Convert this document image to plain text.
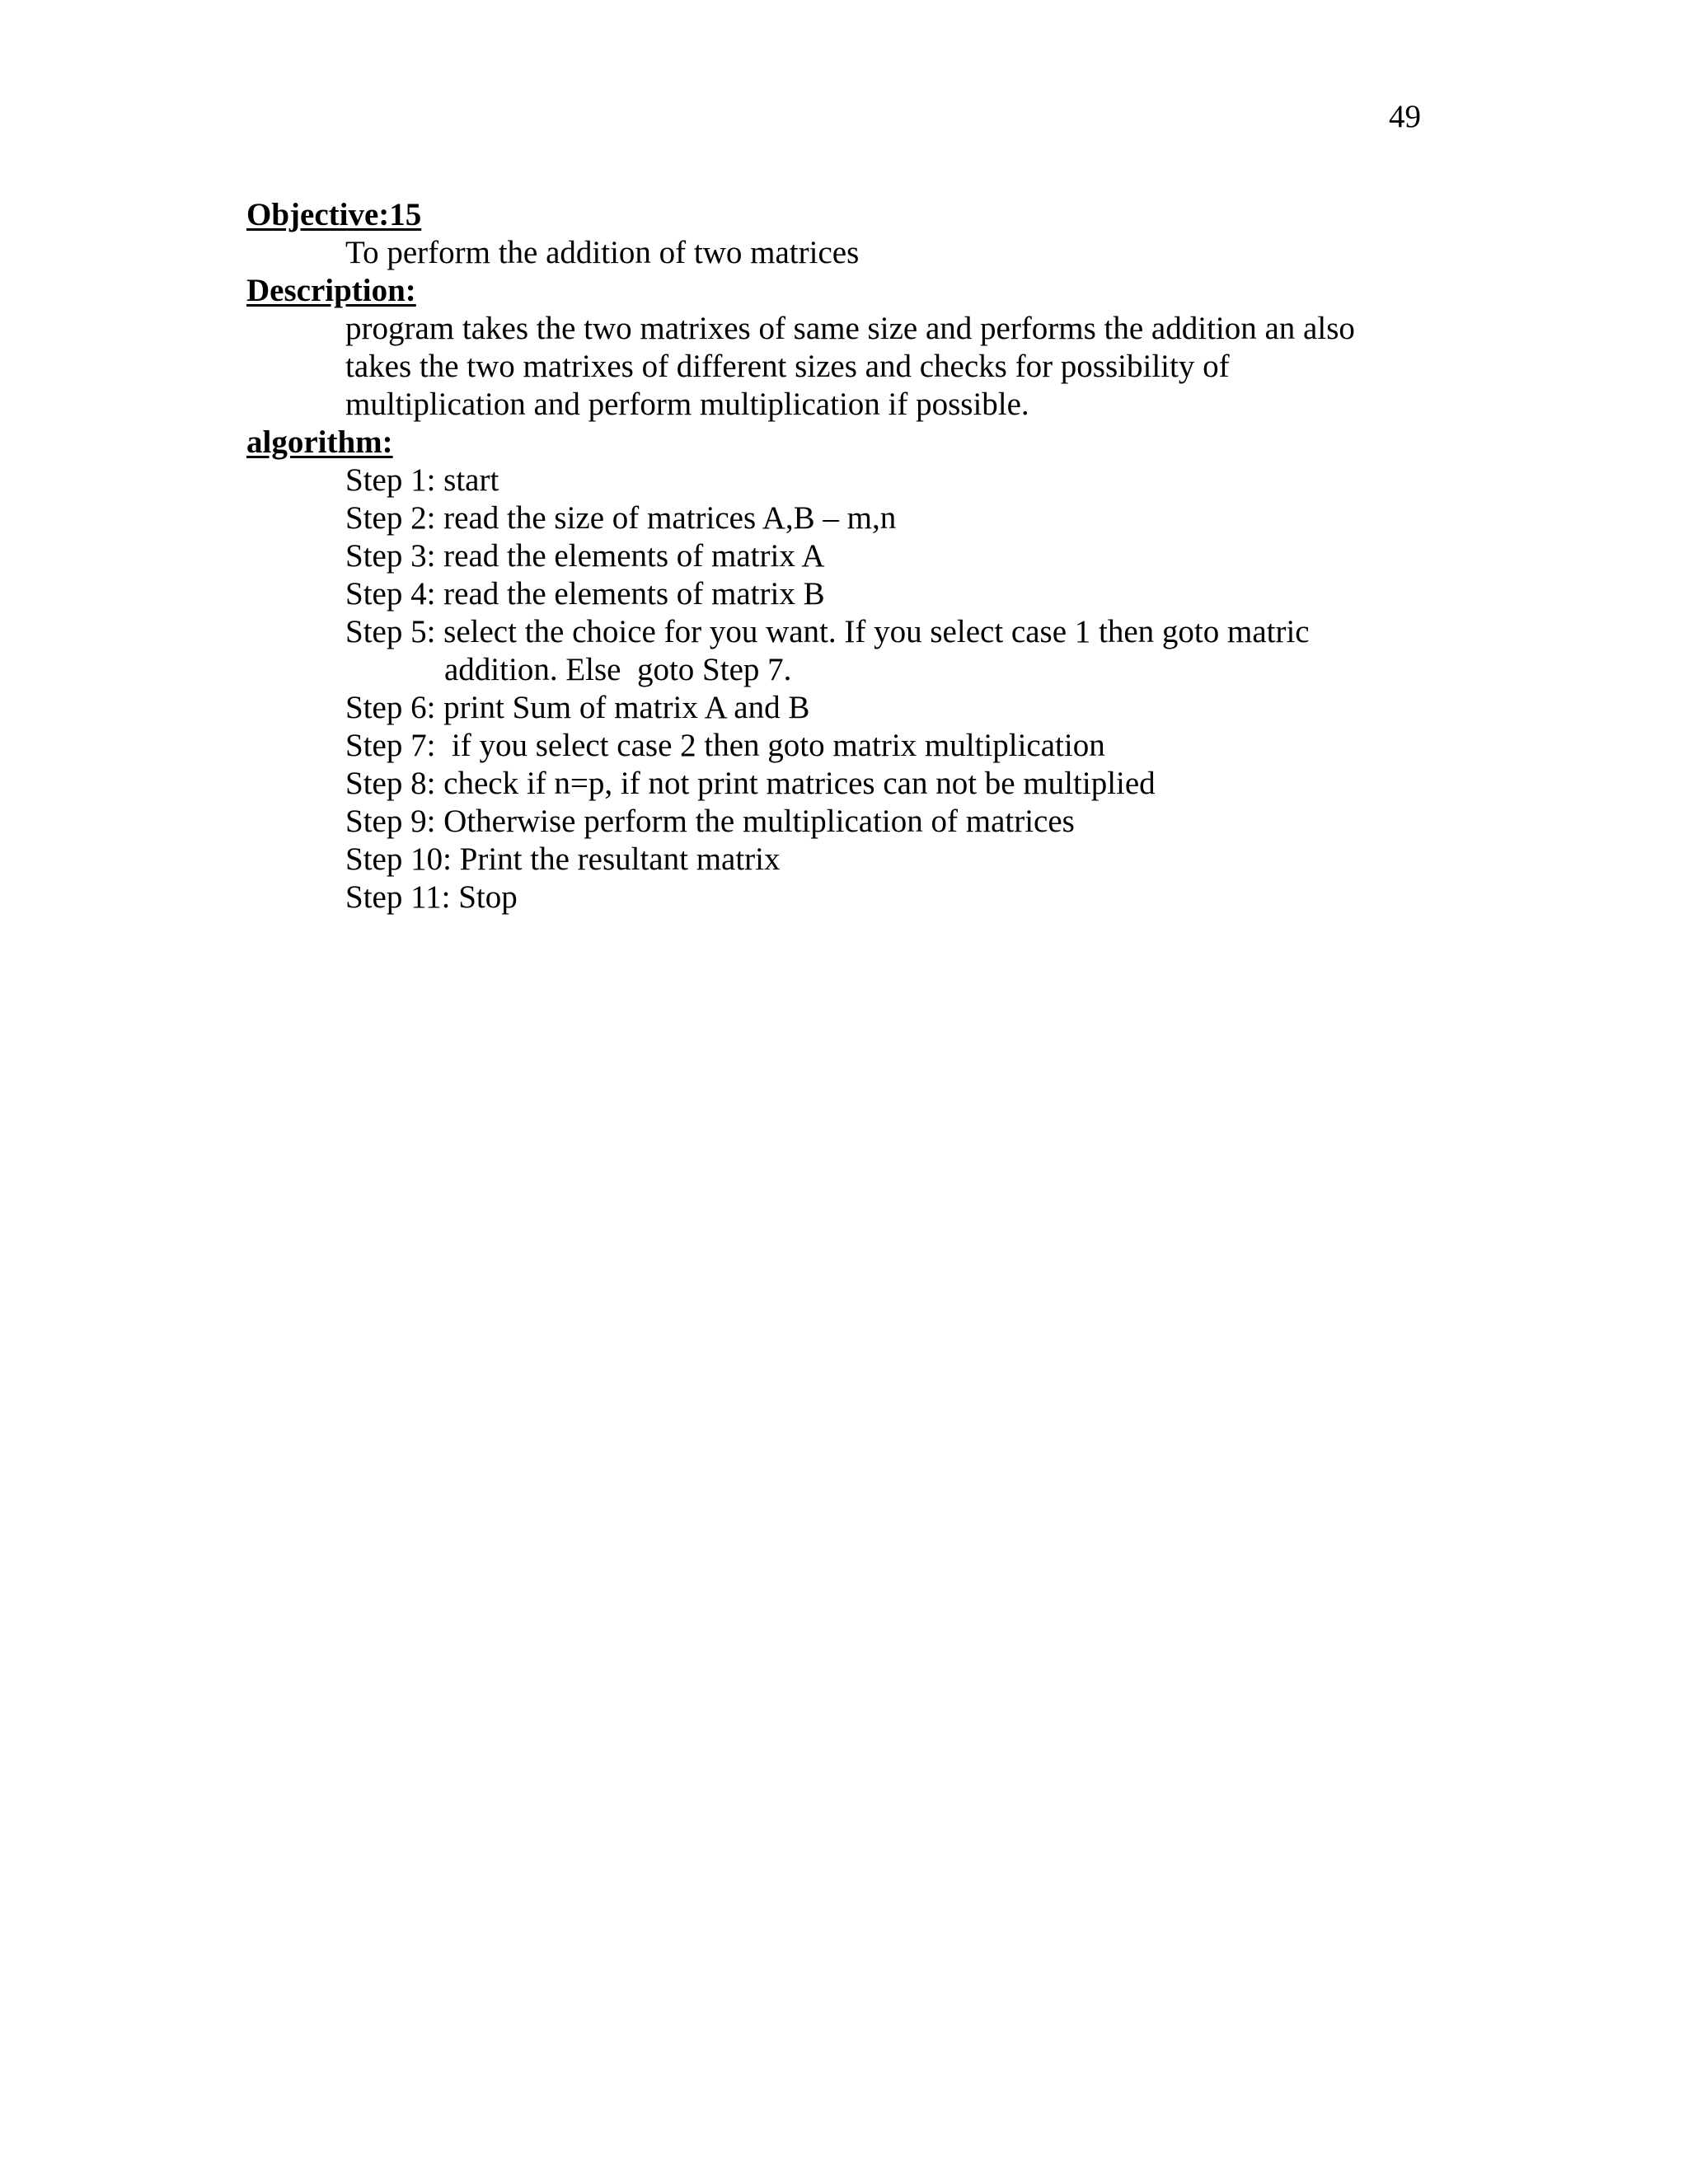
49
Objective:15
To perform the addition of two matrices
Description:
program takes the two matrixes of same size and performs the addition an also
takes the two matrixes of different sizes and checks for possibility of
multiplication and perform multiplication if possible.
algorithm:
Step 1: start
Step 2: read the size of matrices A,B – m,n
Step 3: read the elements of matrix A
Step 4: read the elements of matrix B
Step 5: select the choice for you want. If you select case 1 then goto matric
addition. Else  goto Step 7.
Step 6: print Sum of matrix A and B
Step 7:  if you select case 2 then goto matrix multiplication
Step 8: check if n=p, if not print matrices can not be multiplied
Step 9: Otherwise perform the multiplication of matrices
Step 10: Print the resultant matrix
Step 11: Stop
